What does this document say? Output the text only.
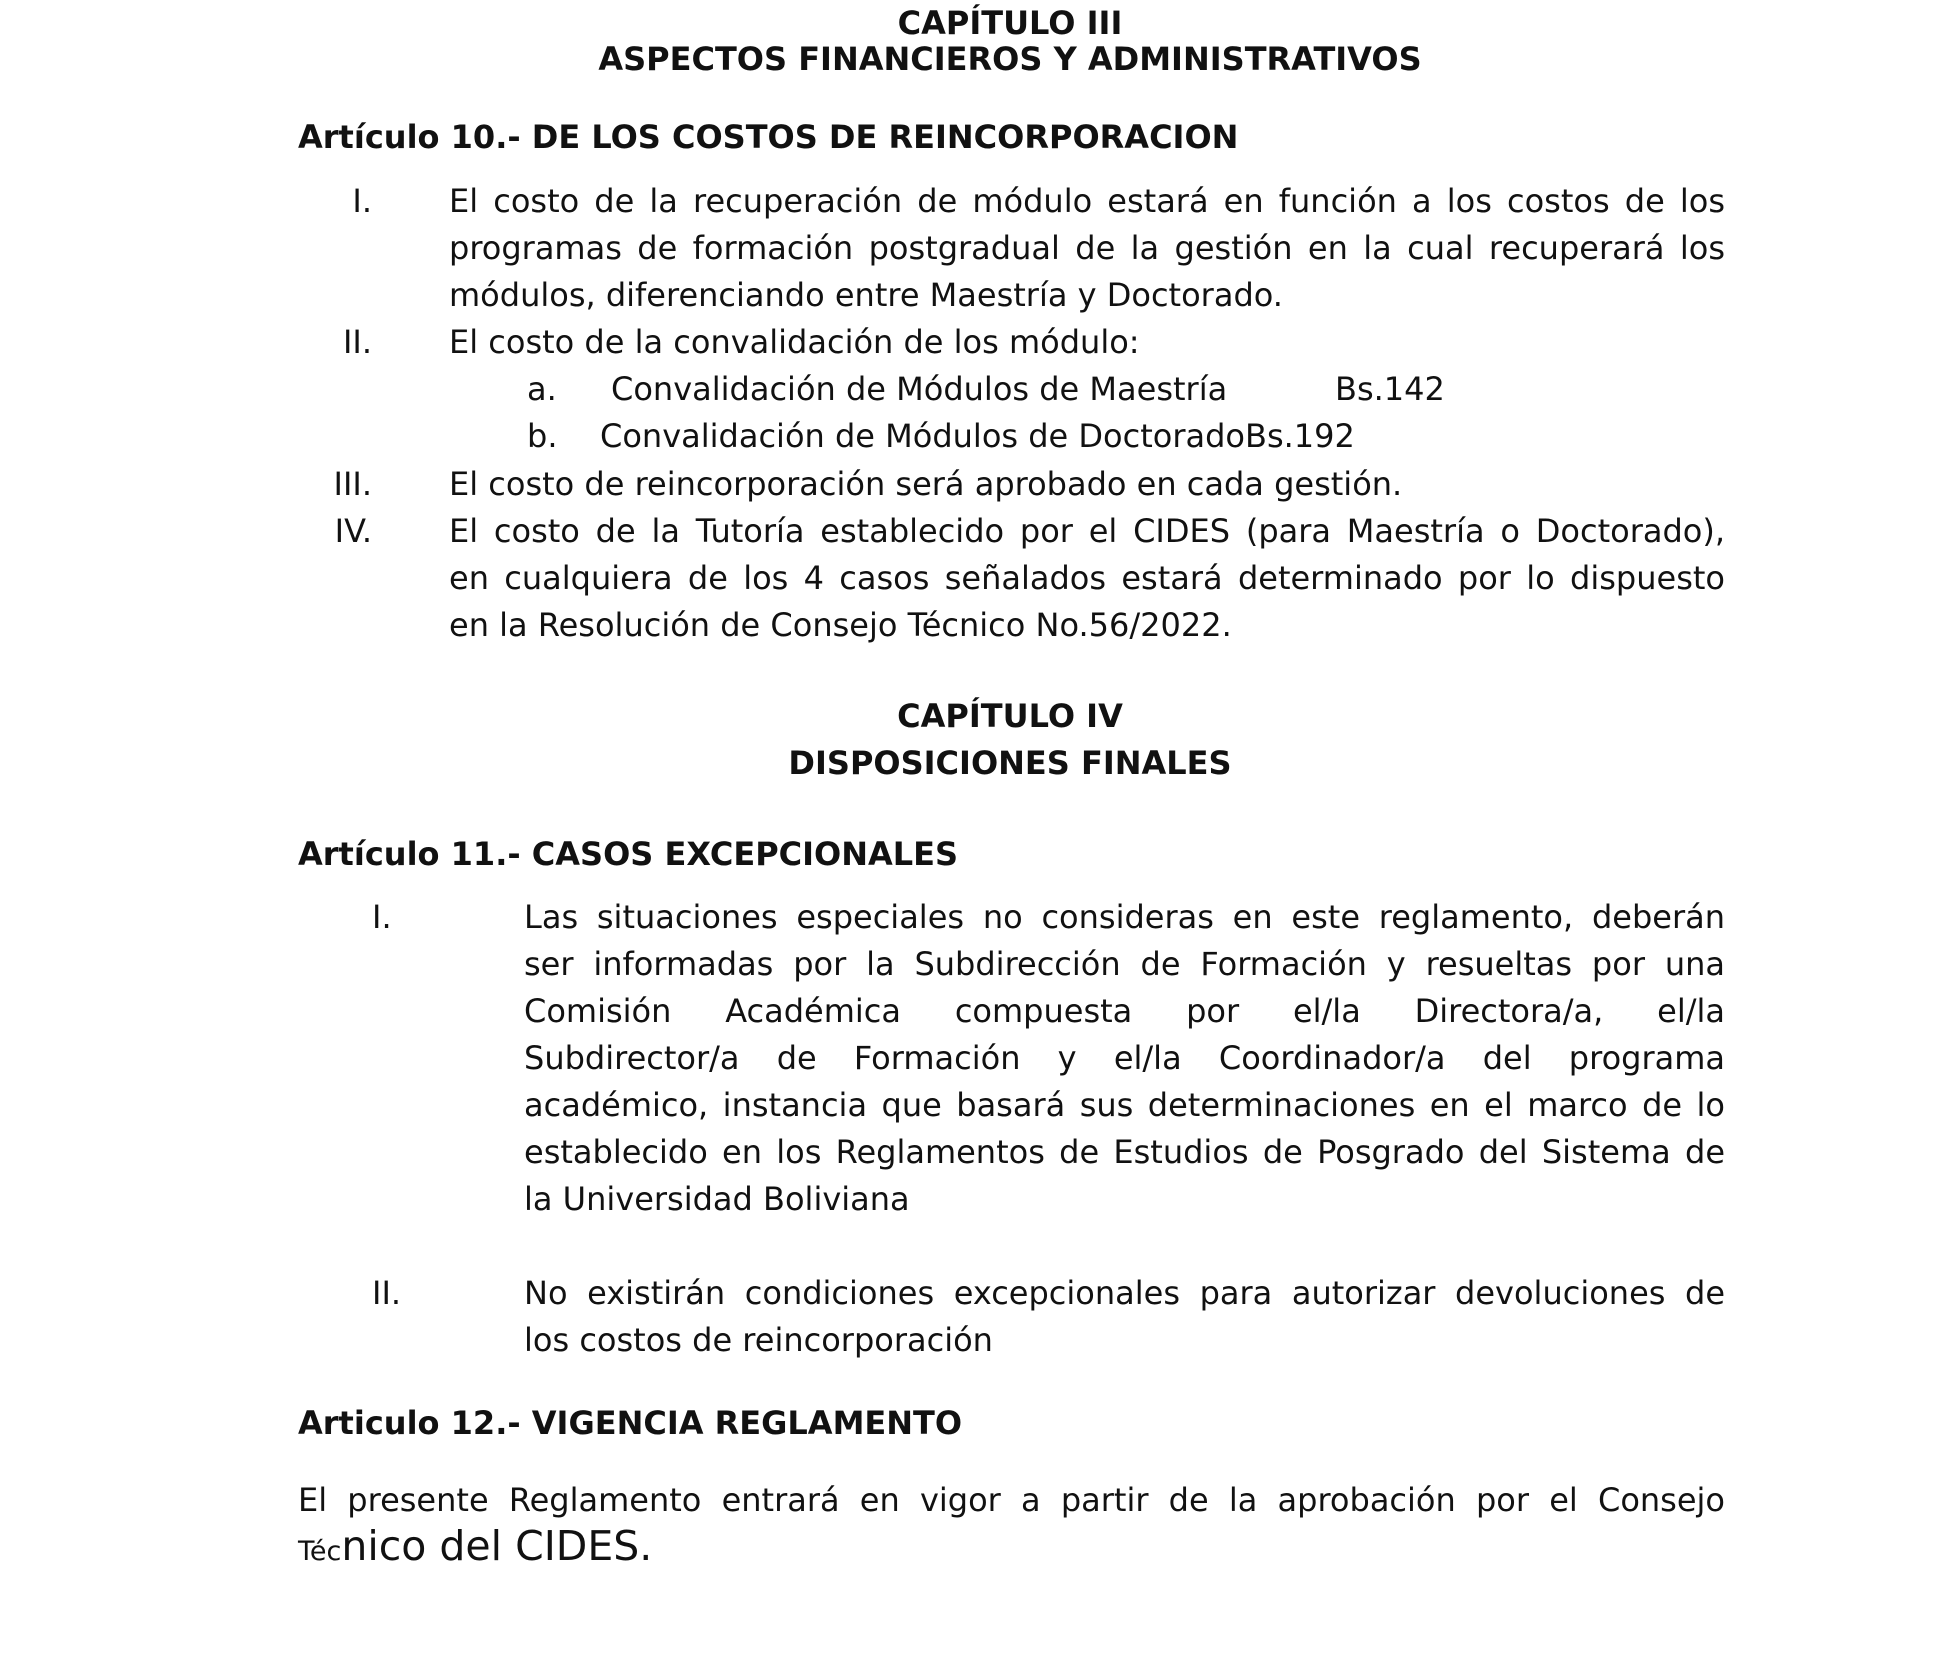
CAPÍTULO III
ASPECTOS FINANCIEROS Y ADMINISTRATIVOS
Artículo 10.- DE LOS COSTOS DE REINCORPORACION
I. El costo de la recuperación de módulo estará en función a los costos de los
programas de formación postgradual de la gestión en la cual recuperará los
módulos, diferenciando entre Maestría y Doctorado.
II. El costo de la convalidación de los módulo:
a. Convalidación de Módulos de Maestría	Bs.142
b. Convalidación de Módulos de DoctoradoBs.192
III. El costo de reincorporación será aprobado en cada gestión.
IV. El costo de la Tutoría establecido por el CIDES (para Maestría o Doctorado),
en cualquiera de los 4 casos señalados estará determinado por lo dispuesto
en la Resolución de Consejo Técnico No.56/2022.
CAPÍTULO IV
DISPOSICIONES FINALES
Artículo 11.- CASOS EXCEPCIONALES
I.	Las situaciones especiales no consideras en este reglamento, deberán
ser informadas por la Subdirección de Formación y resueltas por una
Comisión Académica compuesta por el/la Directora/a, el/la
Subdirector/a de Formación y el/la Coordinador/a del programa
académico, instancia que basará sus determinaciones en el marco de lo
establecido en los Reglamentos de Estudios de Posgrado del Sistema de
la Universidad Boliviana
II.	No existirán condiciones excepcionales para autorizar devoluciones de
los costos de reincorporación
Articulo 12.- VIGENCIA REGLAMENTO
El presente Reglamento entrará en vigor a partir de la aprobación por el Consejo
Técnico del CIDES.
